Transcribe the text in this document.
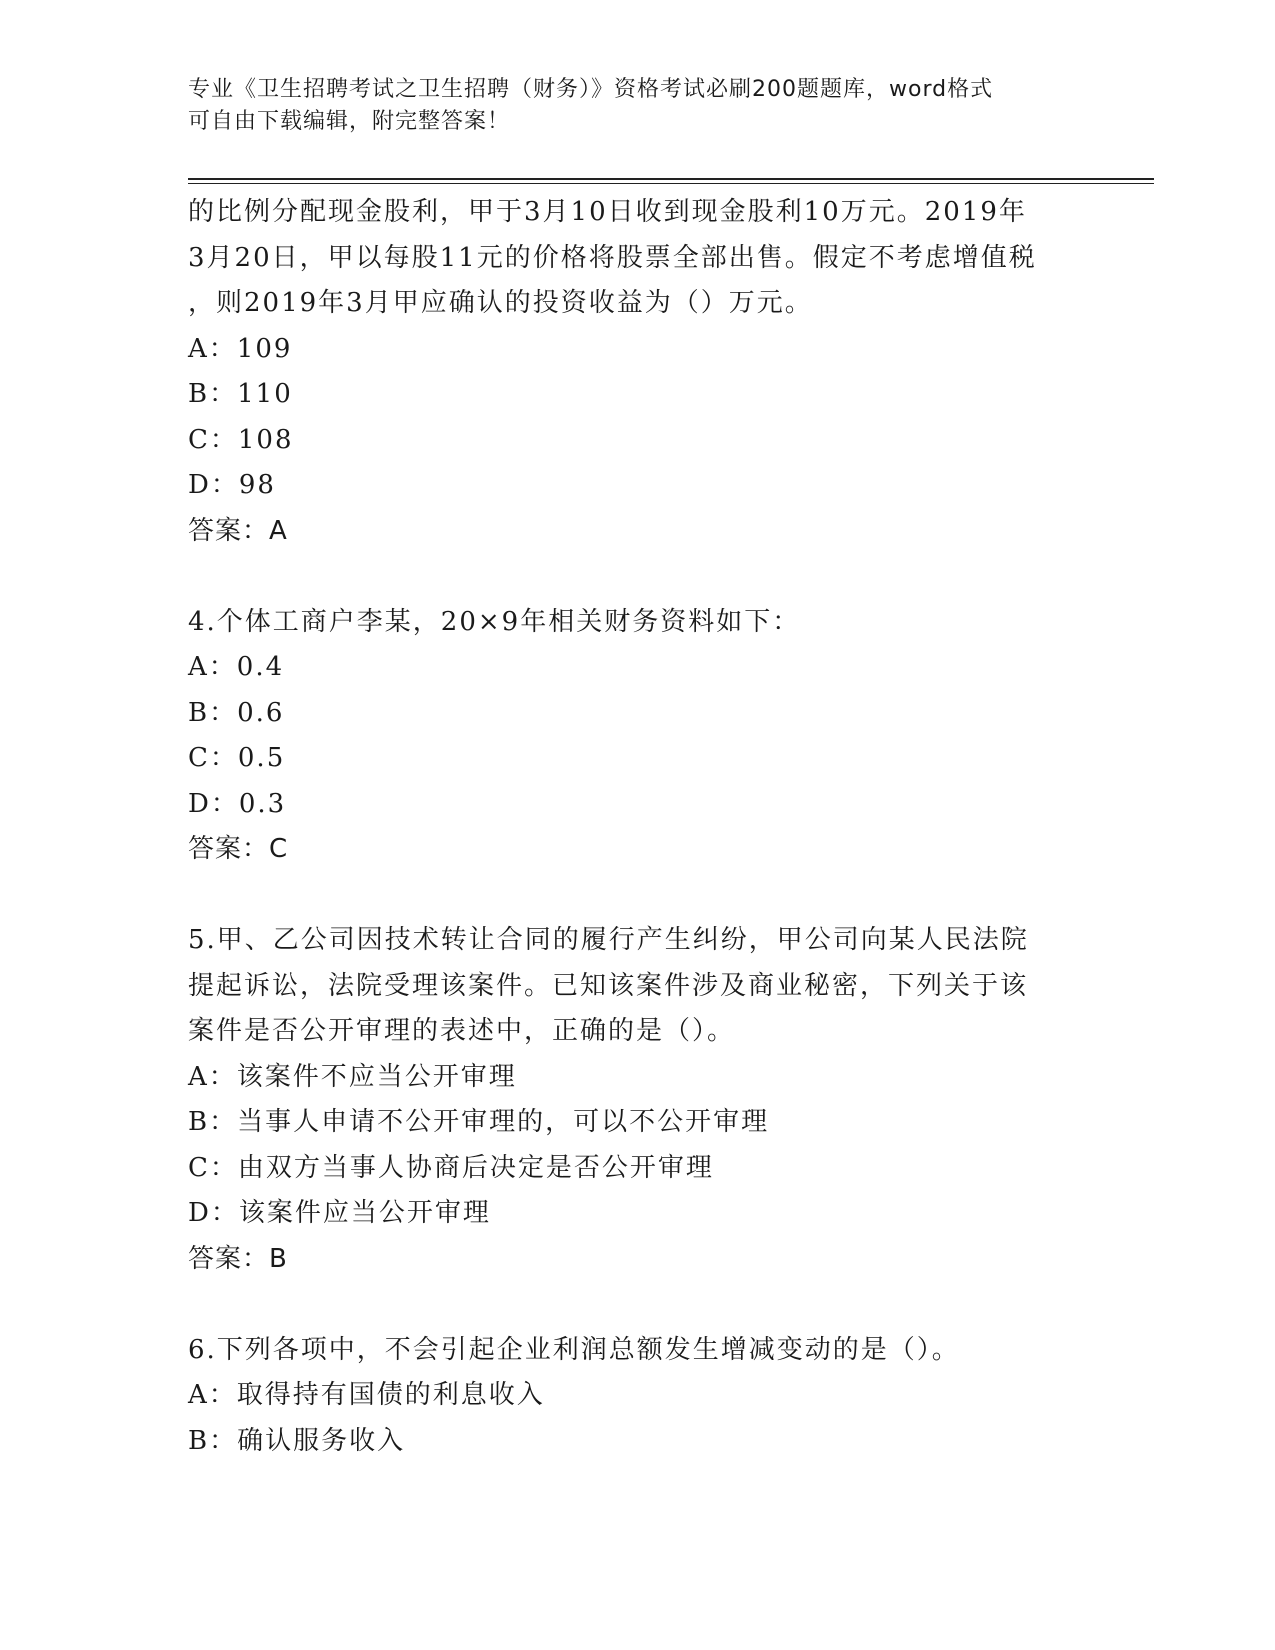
专业《卫生招聘考试之卫生招聘（财务）》资格考试必刷200题题库，word格式
可自由下载编辑，附完整答案！
的比例分配现金股利，甲于3月10日收到现金股利10万元。2019年
3月20日，甲以每股11元的价格将股票全部出售。假定不考虑增值税
，则2019年3月甲应确认的投资收益为（）万元。
A：109
B：110
C：108
D：98
答案：A
4.个体工商户李某，20×9年相关财务资料如下：
A：0.4
B：0.6
C：0.5
D：0.3
答案：C
5.甲、乙公司因技术转让合同的履行产生纠纷，甲公司向某人民法院
提起诉讼，法院受理该案件。已知该案件涉及商业秘密，下列关于该
案件是否公开审理的表述中，正确的是（）。
A：该案件不应当公开审理
B：当事人申请不公开审理的，可以不公开审理
C：由双方当事人协商后决定是否公开审理
D：该案件应当公开审理
答案：B
6.下列各项中，不会引起企业利润总额发生增减变动的是（）。
A：取得持有国债的利息收入
B：确认服务收入
